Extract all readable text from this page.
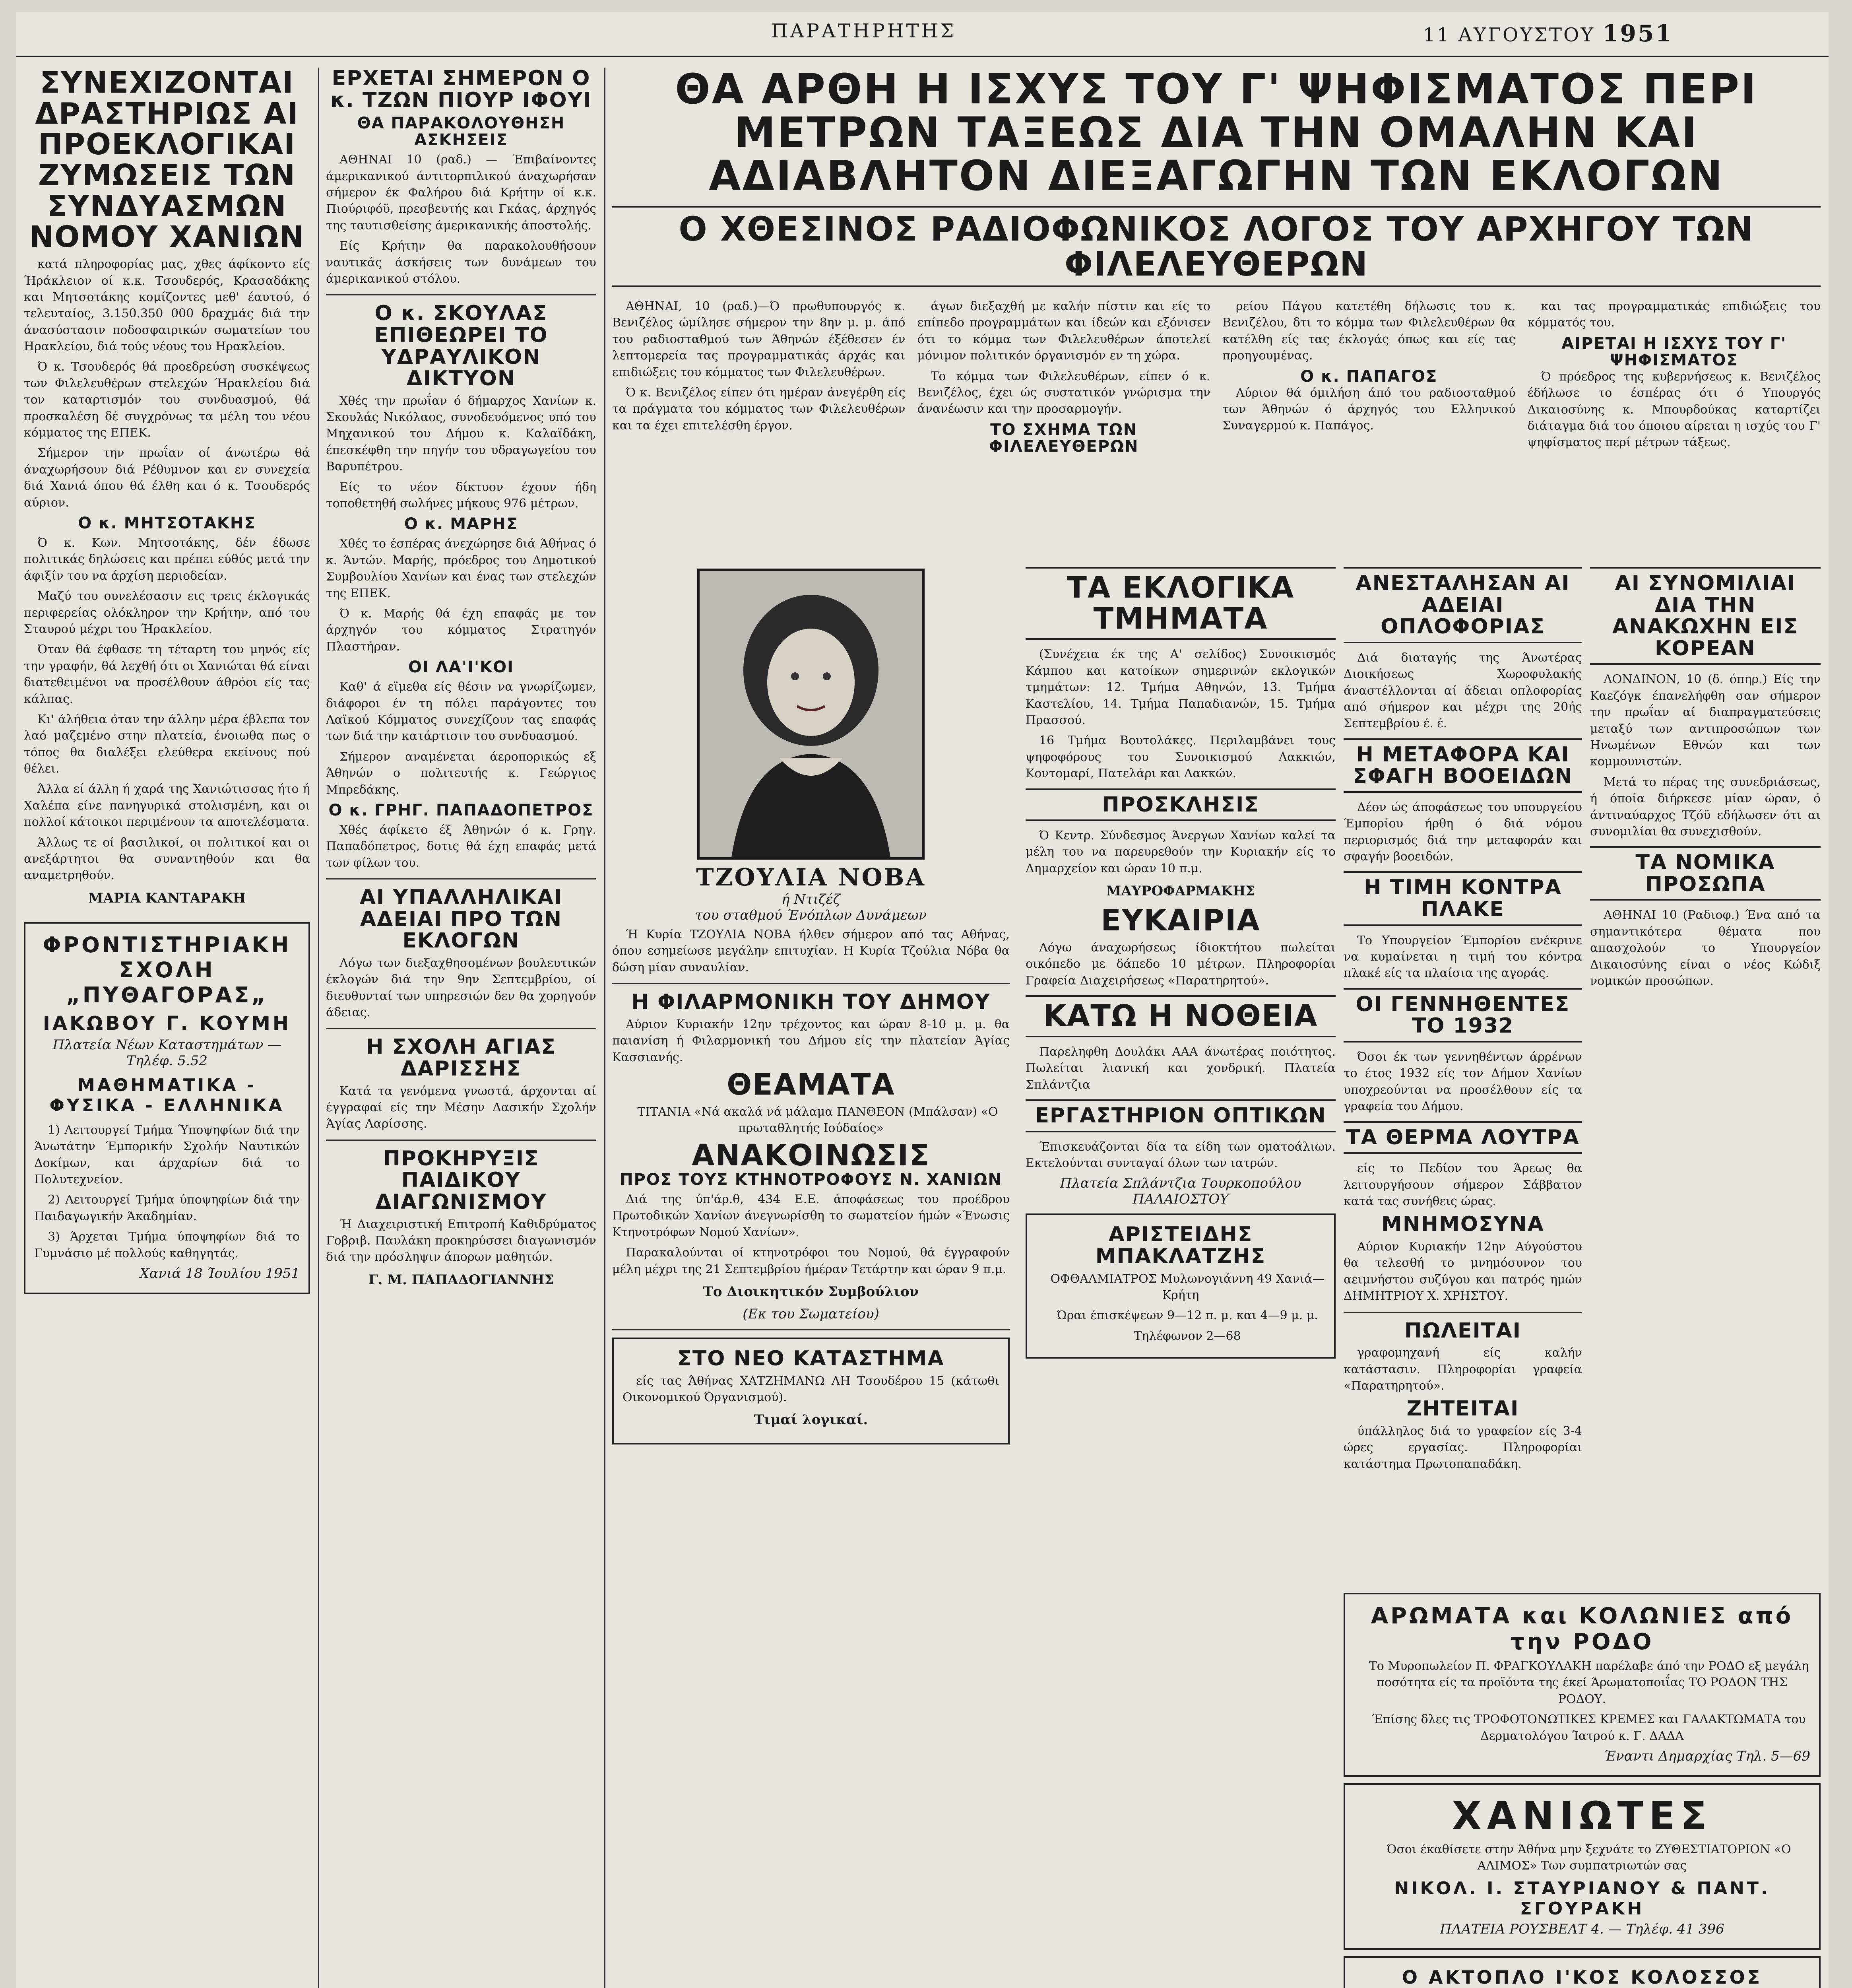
ΠΑΡΑΤΗΡΗΤΗΣ	11 ΑΥΓΟΥΣΤΟΥ 1951
ΣΥΝΕΧΙΖΟΝΤΑΙ ΔΡΑΣΤΗΡΙΩΣ ΑΙ ΠΡΟΕΚΛΟΓΙΚΑΙ ΖΥΜΩΣΕΙΣ ΤΩΝ ΣΥΝΔΥΑΣΜΩΝ ΝΟΜΟΥ ΧΑΝΙΩΝ

κατά πληροφορίας μας, χθες άφίκοντο είς Ήράκλειον οί κ.κ. Τσουδερός, Κρασαδάκης και Μητσοτάκης κομίζοντες μεθ' έαυτού, ό τελευταίος, 3.150.350 000 δραχμάς διά την άνασύστασιν ποδοσφαιρικών σωματείων του Ηρακλείου, διά τούς νέους του Ηρακλείου.

Ό κ. Τσουδερός θά προεδρεύση συσκέψεως των Φιλελευθέρων στελεχών Ήρακλείου διά τον καταρτισμόν του συνδυασμού, θά προσκαλέση δέ συγχρόνως τα μέλη του νέου κόμματος της ΕΠΕΚ.

Σήμερον την πρωΐαν οί άνωτέρω θά άναχωρήσουν διά Ρέθυμνον και εν συνεχεία διά Χανιά όπου θά έλθη και ό κ. Τσουδερός αύριον.

Ο κ. ΜΗΤΣΟΤΑΚΗΣ

Ό κ. Κων. Μητσοτάκης, δέν έδωσε πολιτικάς δηλώσεις και πρέπει εύθύς μετά την άφιξίν του να άρχίση περιοδείαν.

Μαζύ του ουνελέσασιν εις τρεις έκλογικάς περιφερείας ολόκληρον την Κρήτην, από του Σταυρού μέχρι του Ήρακλείου.

Όταν θά έφθασε τη τέταρτη του μηνός είς την γραφήν, θά λεχθή ότι οι Χανιώται θά είναι διατεθειμένοι να προσέλθουν άθρόοι είς τας κάλπας.

Κι' άλήθεια όταν την άλλην μέρα έβλεπα τον λαό μαζεμένο στην πλατεία, ένοιωθα πως ο τόπος θα διαλέξει ελεύθερα εκείνους πού θέλει.

Άλλα εί άλλη ή χαρά της Χανιώτισσας ήτο ή Χαλέπα είνε πανηγυρικά στολισμένη, και οι πολλοί κάτοικοι περιμένουν τα αποτελέσματα.

Άλλως τε οί βασιλικοί, οι πολιτικοί και οι ανεξάρτητοι θα συναντηθούν και θα αναμετρηθούν.

ΜΑΡΙΑ ΚΑΝΤΑΡΑΚΗ
ΦΡΟΝΤΙΣΤΗΡΙΑΚΗ ΣΧΟΛΗ „ΠΥΘΑΓΟΡΑΣ„
ΙΑΚΩΒΟΥ Γ. ΚΟΥΜΗ
Πλατεία Νέων Καταστημάτων — Τηλέφ. 5.52
ΜΑΘΗΜΑΤΙΚΑ - ΦΥΣΙΚΑ - ΕΛΛΗΝΙΚΑ

1) Λειτουργεί Τμήμα Ύποψηφίων διά την Άνωτάτην Έμπορικήν Σχολήν Ναυτικών Δοκίμων, και άρχαρίων διά το Πολυτεχνείον.

2) Λειτουργεί Τμήμα ύποψηφίων διά την Παιδαγωγικήν Άκαδημίαν.

3) Άρχεται Τμήμα ύποψηφίων διά το Γυμνάσιο μέ πολλούς καθηγητάς.

Χανιά 18 Ίουλίου 1951
ΕΡΧΕΤΑΙ ΣΗΜΕΡΟΝ Ο κ. ΤΖΩΝ ΠΙΟΥΡ ΙΦΟΥΙ
ΘΑ ΠΑΡΑΚΟΛΟΥΘΗΣΗ ΑΣΚΗΣΕΙΣ

ΑΘΗΝΑΙ 10 (ραδ.) — Έπιβαίνοντες άμερικανικού άντιτορπιλικού άναχωρήσαν σήμερον έκ Φαλήρου διά Κρήτην οί κ.κ. Πιούριφόϋ, πρεσβευτής και Γκάας, άρχηγός της ταυτισθείσης άμερικανικής άποστολής.

Είς Κρήτην θα παρακολουθήσουν ναυτικάς άσκήσεις των δυνάμεων του άμερικανικού στόλου.

Ο κ. ΣΚΟΥΛΑΣ ΕΠΙΘΕΩΡΕΙ ΤΟ ΥΔΡΑΥΛΙΚΟΝ ΔΙΚΤΥΟΝ

Χθές την πρωΐαν ό δήμαρχος Χανίων κ. Σκουλάς Νικόλαος, συνοδευόμενος υπό του Μηχανικού του Δήμου κ. Καλαϊδάκη, έπεσκέφθη την πηγήν του υδραγωγείου του Βαρυπέτρου.

Είς το νέον δίκτυον έχουν ήδη τοποθετηθή σωλήνες μήκους 976 μέτρων.

Ο κ. ΜΑΡΗΣ

Χθές το έσπέρας άνεχώρησε διά Άθήνας ό κ. Άντών. Μαρής, πρόεδρος του Δημοτικού Συμβουλίου Χανίων και ένας των στελεχών της ΕΠΕΚ.

Ό κ. Μαρής θά έχη επαφάς με τον άρχηγόν του κόμματος Στρατηγόν Πλαστήραν.

ΟΙ ΛΑ'Ι'ΚΟΙ

Καθ' ά εϊμεθα είς θέσιν να γνωρίζωμεν, διάφοροι έν τη πόλει παράγοντες του Λαϊκού Κόμματος συνεχίζουν τας επαφάς των διά την κατάρτισιν του συνδυασμού.

Σήμερον αναμένεται άεροπορικώς εξ Άθηνών ο πολιτευτής κ. Γεώργιος Μπρεδάκης.

Ο κ. ΓΡΗΓ. ΠΑΠΑΔΟΠΕΤΡΟΣ

Χθές άφίκετο έξ Άθηνών ό κ. Γρηγ. Παπαδόπετρος, δοτις θά έχη επαφάς μετά των φίλων του.

ΑΙ ΥΠΑΛΛΗΛΙΚΑΙ ΑΔΕΙΑΙ ΠΡΟ ΤΩΝ ΕΚΛΟΓΩΝ

Λόγω των διεξαχθησομένων βουλευτικών έκλογών διά την 9ην Σεπτεμβρίου, οί διευθυνταί των υπηρεσιών δεν θα χορηγούν άδειας.

Η ΣΧΟΛΗ ΑΓΙΑΣ ΔΑΡΙΣΣΗΣ

Κατά τα γενόμενα γνωστά, άρχονται αί έγγραφαί είς την Μέσην Δασικήν Σχολήν Άγίας Λαρίσσης.

ΠΡΟΚΗΡΥΞΙΣ ΠΑΙΔΙΚΟΥ ΔΙΑΓΩΝΙΣΜΟΥ

Ή Διαχειριστική Επιτροπή Καθιδρύματος Γοβριβ. Παυλάκη προκηρύσσει διαγωνισμόν διά την πρόσληψιν άπορων μαθητών.

Γ. Μ. ΠΑΠΑΔΟΓΙΑΝΝΗΣ
ΘΑ ΑΡΘΗ Η ΙΣΧΥΣ ΤΟΥ Γ' ΨΗΦΙΣΜΑΤΟΣ ΠΕΡΙ ΜΕΤΡΩΝ ΤΑΞΕΩΣ ΔΙΑ ΤΗΝ ΟΜΑΛΗΝ ΚΑΙ ΑΔΙΑΒΛΗΤΟΝ ΔΙΕΞΑΓΩΓΗΝ ΤΩΝ ΕΚΛΟΓΩΝ
Ο ΧΘΕΣΙΝΟΣ ΡΑΔΙΟΦΩΝΙΚΟΣ ΛΟΓΟΣ ΤΟΥ ΑΡΧΗΓΟΥ ΤΩΝ ΦΙΛΕΛΕΥΘΕΡΩΝ

ΑΘΗΝΑΙ, 10 (ραδ.)—Ό πρωθυπουργός κ. Βενιζέλος ώμίλησε σήμερον την 8ην μ. μ. άπό του ραδιοσταθμού των Άθηνών έξέθεσεν έν λεπτομερεία τας προγραμματικάς άρχάς και επιδιώξεις του κόμματος των Φιλελευθέρων.

Ό κ. Βενιζέλος είπεν ότι ημέραν άνεγέρθη είς τα πράγματα του κόμματος των Φιλελευθέρων και τα έχει επιτελέσθη έργον.

άγων διεξαχθή με καλήν πίστιν και είς το επίπεδο προγραμμάτων και ίδεών και εξόνισεν ότι το κόμμα των Φιλελευθέρων άποτελεί μόνιμον πολιτικόν όργανισμόν εν τη χώρα.

Το κόμμα των Φιλελευθέρων, είπεν ό κ. Βενιζέλος, έχει ώς συστατικόν γνώρισμα την άνανέωσιν και την προσαρμογήν.

ΤΟ ΣΧΗΜΑ ΤΩΝ ΦΙΛΕΛΕΥΘΕΡΩΝ

ρείου Πάγου κατετέθη δήλωσις του κ. Βενιζέλου, δτι το κόμμα των Φιλελευθέρων θα κατέλθη είς τας έκλογάς όπως και είς τας προηγουμένας.

Ο κ. ΠΑΠΑΓΟΣ

Αύριον θά όμιλήση άπό του ραδιοσταθμού των Άθηνών ό άρχηγός του Ελληνικού Συναγερμού κ. Παπάγος.

και τας προγραμματικάς επιδιώξεις του κόμματός του.

ΑΙΡΕΤΑΙ Η ΙΣΧΥΣ ΤΟΥ Γ' ΨΗΦΙΣΜΑΤΟΣ

Ό πρόεδρος της κυβερνήσεως κ. Βενιζέλος έδήλωσε το έσπέρας ότι ό Υπουργός Δικαιοσύνης κ. Μπουρδούκας καταρτίζει διάταγμα διά του όποιου αίρεται η ισχύς του Γ' ψηφίσματος περί μέτρων τάξεως.

ΤΖΟΥΛΙΑ ΝΟΒΑ
ή Ντιζέζ
του σταθμού Ένόπλων Δυνάμεων

Ή Κυρία ΤΖΟΥΛΙΑ ΝΟΒΑ ήλθεν σήμερον από τας Αθήνας, όπου εσημείωσε μεγάλην επιτυχίαν. Η Κυρία Τζούλια Νόβα θα δώση μίαν συναυλίαν.

Η ΦΙΛΑΡΜΟΝΙΚΗ ΤΟΥ ΔΗΜΟΥ

Αύριον Κυριακήν 12ην τρέχοντος και ώραν 8-10 μ. μ. θα παιανίση ή Φιλαρμονική του Δήμου είς την πλατείαν Άγίας Κασσιανής.

ΘΕΑΜΑΤΑ

ΤΙΤΑΝΙΑ «Νά ακαλά νά μάλαμα ΠΑΝΘΕΟΝ (Μπάλσαν) «Ο πρωταθλητής Ιούδαίος»

ΑΝΑΚΟΙΝΩΣΙΣ
ΠΡΟΣ ΤΟΥΣ ΚΤΗΝΟΤΡΟΦΟΥΣ Ν. ΧΑΝΙΩΝ

Διά της ύπ'άρ.θ, 434 Ε.Ε. άποφάσεως του προέδρου Πρωτοδικών Χανίων άνεγνωρίσθη το σωματείον ήμών «Ένωσις Κτηνοτρόφων Νομού Χανίων».

Παρακαλούνται οί κτηνοτρόφοι του Νομού, θά έγγραφούν μέλη μέχρι της 21 Σεπτεμβρίου ήμέραν Τετάρτην και ώραν 9 π.μ.

Το Διοικητικόν Συμβούλιον
(Εκ του Σωματείου)
ΣΤΟ ΝΕΟ ΚΑΤΑΣΤΗΜΑ

είς τας Άθήνας ΧΑΤΖΗΜΑΝΩ ΛΗ Τσουδέρου 15 (κάτωθι Οικονομικού Όργανισμού).

Τιμαί λογικαί.
ΤΑ ΕΚΛΟΓΙΚΑ ΤΜΗΜΑΤΑ

(Συνέχεια έκ της Α' σελίδος) Συνοικισμός Κάμπου και κατοίκων σημερινών εκλογικών τμημάτων: 12. Τμήμα Αθηνών, 13. Τμήμα Καστελίου, 14. Τμήμα Παπαδιανών, 15. Τμήμα Πρασσού.

16 Τμήμα Βουτολάκες. Περιλαμβάνει τους ψηφοφόρους του Συνοικισμού Λακκιών, Κοντομαρί, Πατελάρι και Λακκών.

ΠΡΟΣΚΛΗΣΙΣ

Ό Κεντρ. Σύνδεσμος Άνεργων Χανίων καλεί τα μέλη του να παρευρεθούν την Κυριακήν είς το Δημαρχείον και ώραν 10 π.μ.

ΜΑΥΡΟΦΑΡΜΑΚΗΣ
ΕΥΚΑΙΡΙΑ

Λόγω άναχωρήσεως ίδιοκτήτου πωλείται οικόπεδο με δάπεδο 10 μέτρων. Πληροφορίαι Γραφεία Διαχειρήσεως «Παρατηρητού».

ΚΑΤΩ Η ΝΟΘΕΙΑ

Παρεληφθη Δουλάκι ΑΑΑ άνωτέρας ποιότητος. Πωλείται λιανική και χονδρική. Πλατεία Σπλάντζια

ΕΡΓΑΣΤΗΡΙΟΝ ΟΠΤΙΚΩΝ

Έπισκευάζονται δία τα είδη των οματοάλιων. Εκτελούνται συνταγαί όλων των ιατρών.

Πλατεία Σπλάντζια Τουρκοπούλου ΠΑΛΑΙΟΣΤΟΥ
ΑΡΙΣΤΕΙΔΗΣ ΜΠΑΚΛΑΤΖΗΣ

ΟΦΘΑΛΜΙΑΤΡΟΣ Μυλωνογιάννη 49 Χανιά—Κρήτη

Ώραι έπισκέψεων 9—12 π. μ. και 4—9 μ. μ.

Τηλέφωνον 2—68

ΑΝΕΣΤΑΛΗΣΑΝ ΑΙ ΑΔΕΙΑΙ ΟΠΛΟΦΟΡΙΑΣ

Διά διαταγής της Άνωτέρας Διοικήσεως Χωροφυλακής άναστέλλονται αί άδειαι οπλοφορίας από σήμερον και μέχρι της 20ής Σεπτεμβρίου έ. έ.

Η ΜΕΤΑΦΟΡΑ ΚΑΙ ΣΦΑΓΗ ΒΟΟΕΙΔΩΝ

Δέον ώς άποφάσεως του υπουργείου Έμπορίου ήρθη ό διά νόμου περιορισμός διά την μεταφοράν και σφαγήν βοοειδών.

Η ΤΙΜΗ ΚΟΝΤΡΑ ΠΛΑΚΕ

Το Υπουργείον Έμπορίου ενέκρινε να κυμαίνεται η τιμή του κόντρα πλακέ είς τα πλαίσια της αγοράς.

ΟΙ ΓΕΝΝΗΘΕΝΤΕΣ ΤΟ 1932

Όσοι έκ των γεννηθέντων άρρένων το έτος 1932 είς τον Δήμον Χανίων υποχρεούνται να προσέλθουν είς τα γραφεία του Δήμου.

ΤΑ ΘΕΡΜΑ ΛΟΥΤΡΑ

είς το Πεδίον του Άρεως θα λειτουργήσουν σήμερον Σάββατον κατά τας συνήθεις ώρας.

ΜΝΗΜΟΣΥΝΑ

Αύριον Κυριακήν 12ην Αύγούστου θα τελεσθή το μνημόσυνον του αειμνήστου συζύγου και πατρός ημών ΔΗΜΗΤΡΙΟΥ Χ. ΧΡΗΣΤΟΥ.

ΠΩΛΕΙΤΑΙ

γραφομηχανή είς καλήν κατάστασιν. Πληροφορίαι γραφεία «Παρατηρητού».

ΖΗΤΕΙΤΑΙ

ύπάλληλος διά το γραφείον είς 3-4 ώρες εργασίας. Πληροφορίαι κατάστημα Πρωτοπαπαδάκη.

ΑΙ ΣΥΝΟΜΙΛΙΑΙ ΔΙΑ ΤΗΝ ΑΝΑΚΩΧΗΝ ΕΙΣ ΚΟΡΕΑΝ

ΛΟΝΔΙΝΟΝ, 10 (δ. όπηρ.) Είς την Καεζόγκ έπανελήφθη σαν σήμερον την πρωΐαν αί διαπραγματεύσεις μεταξύ των αντιπροσώπων των Ηνωμένων Εθνών και των κομμουνιστών.

Μετά το πέρας της συνεδριάσεως, ή όποία διήρκεσε μίαν ώραν, ό άντιναύαρχος Τζόϋ εδήλωσεν ότι αι συνομιλίαι θα συνεχισθούν.

ΤΑ ΝΟΜΙΚΑ ΠΡΟΣΩΠΑ

ΑΘΗΝΑΙ 10 (Ραδιοφ.) Ένα από τα σημαντικότερα θέματα που απασχολούν το Υπουργείον Δικαιοσύνης είναι ο νέος Κώδιξ νομικών προσώπων.

ΑΡΩΜΑΤΑ και ΚΟΛΩΝΙΕΣ από την ΡΟΔΟ

Το Μυροπωλείον Π. ΦΡΑΓΚΟΥΛΑΚΗ παρέλαβε άπό την ΡΟΔΟ εξ μεγάλη ποσότητα είς τα προϊόντα της έκεί Άρωματοποιΐας ΤΟ ΡΟΔΟΝ ΤΗΣ ΡΟΔΟΥ.

Έπίσης δλες τις ΤΡΟΦΟΤΟΝΩΤΙΚΕΣ ΚΡΕΜΕΣ και ΓΑΛΑΚΤΩΜΑΤΑ του Δερματολόγου Ίατρού κ. Γ. ΔΑΔΑ

Έναντι Δημαρχίας Τηλ. 5—69
ΧΑΝΙΩΤΕΣ

Όσοι έκαθίσετε στην Άθήνα μην ξεχνάτε το ΖΥΘΕΣΤΙΑΤΟΡΙΟΝ «Ο ΑΛΙΜΟΣ» Των συμπατριωτών σας

ΝΙΚΟΛ. Ι. ΣΤΑΥΡΙΑΝΟΥ & ΠΑΝΤ. ΣΓΟΥΡΑΚΗ
ΠΛΑΤΕΙΑ ΡΟΥΣΒΕΛΤ 4. — Τηλέφ. 41 396
Ο ΑΚΤΟΠΛΟ Ι'ΚΟΣ ΚΟΛΟΣΣΟΣ
